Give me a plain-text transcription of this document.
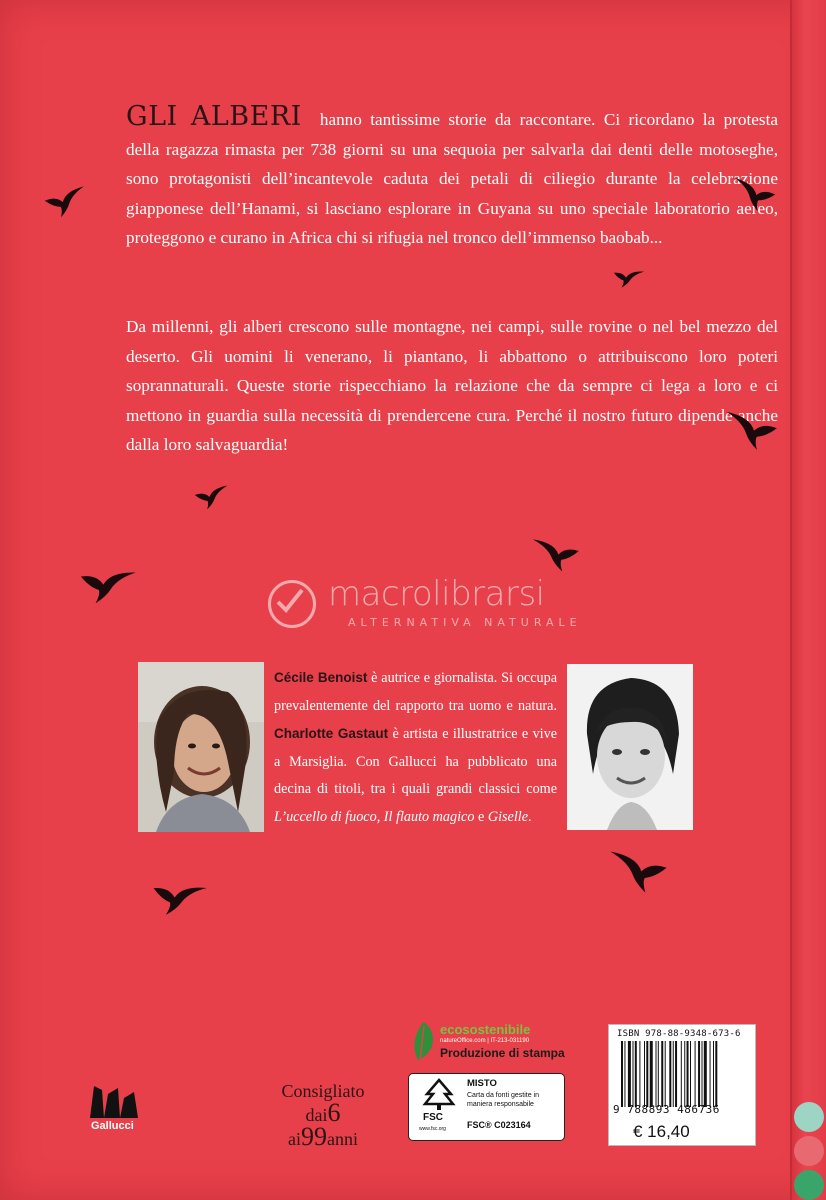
GLI ALBERI hanno tantissime storie da raccontare. Ci ricordano la protesta della ragazza rimasta per 738 giorni su una sequoia per salvarla dai denti delle motoseghe, sono protagonisti dell’incantevole caduta dei petali di ciliegio durante la celebrazione giapponese dell’Hanami, si lasciano esplorare in Guyana su uno speciale laboratorio aereo, proteggono e curano in Africa chi si rifugia nel tronco dell’immenso baobab...
Da millenni, gli alberi crescono sulle montagne, nei campi, sulle rovine o nel bel mezzo del deserto. Gli uomini li venerano, li piantano, li abbattono o attribuiscono loro poteri soprannaturali. Queste storie rispecchiano la relazione che da sempre ci lega a loro e ci mettono in guardia sulla necessità di prendercene cura. Perché il nostro futuro dipende anche dalla loro salvaguardia!
macrolibrarsi
ALTERNATIVA NATURALE
Cécile Benoist è autrice e giornalista. Si occupa prevalentemente del rapporto tra uomo e natura. Charlotte Gastaut è artista e illustratrice e vive a Marsiglia. Con Gallucci ha pubblicato una decina di titoli, tra i quali grandi classici come L’uccello di fuoco, Il flauto magico e Giselle.
Gallucci
Consigliato
dai6
ai99anni
ecosostenibile
natureOffice.com | IT-213-031190
Produzione di stampa
FSC
www.fsc.org
MISTO
Carta da fonti gestite in maniera responsabile
FSC® C023164
ISBN 978-88-9348-673-6
9 788893 486736
€ 16,40
